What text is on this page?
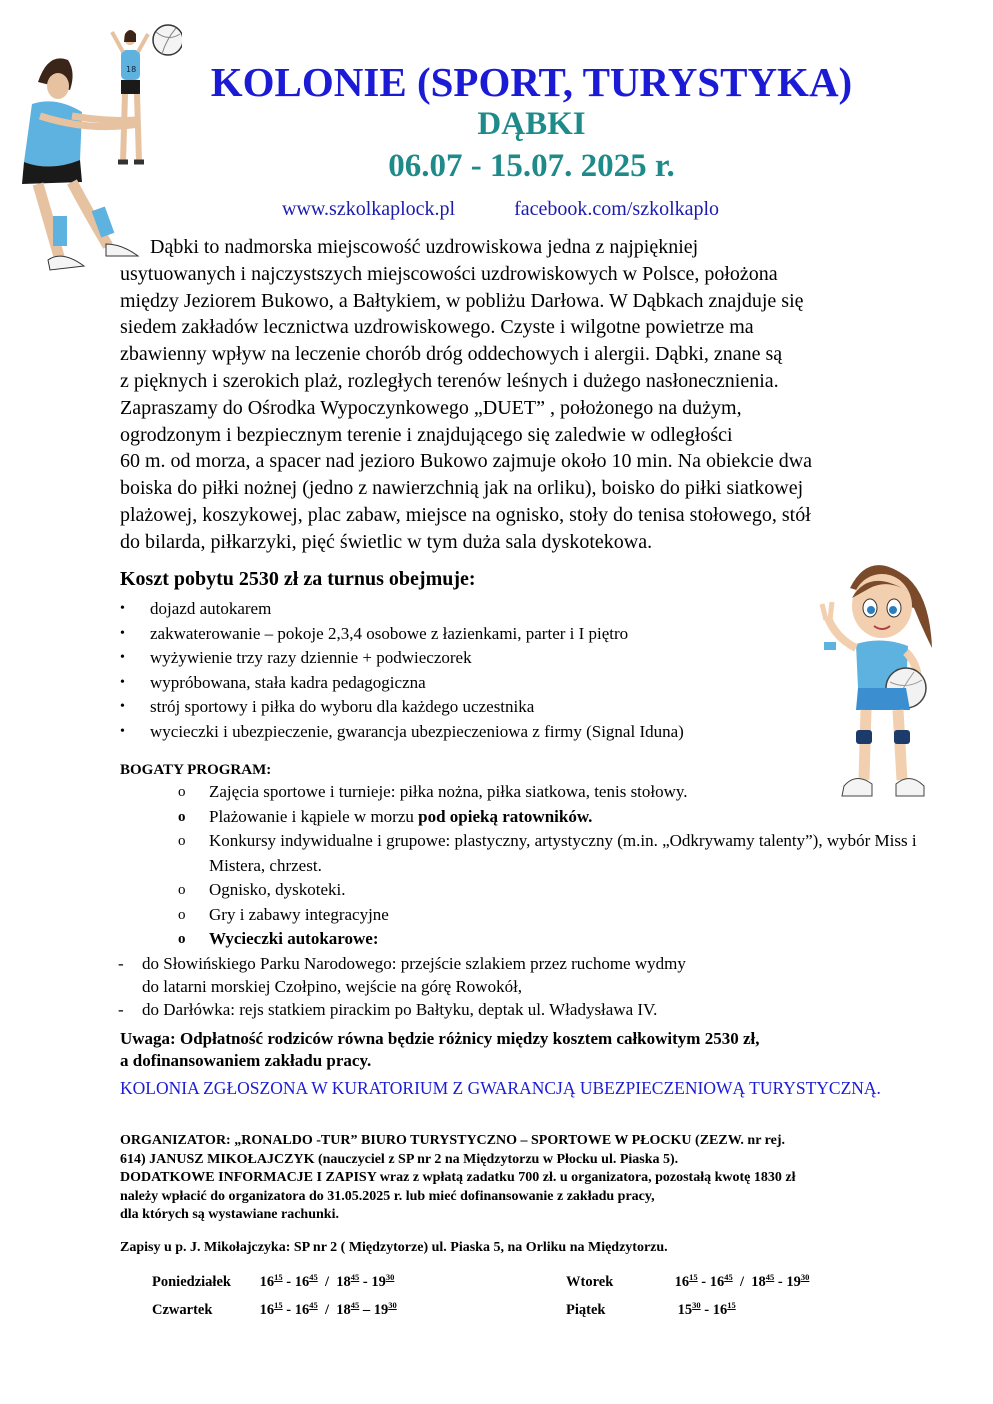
18	KOLONIE (SPORT, TURYSTYKA)
DĄBKI
06.07 - 15.07. 2025 r.
www.szkolkaplock.pl	facebook.com/szkolkaplo

Dąbki to nadmorska miejscowość uzdrowiskowa jedna z najpiękniej

usytuowanych i najczystszych miejscowości uzdrowiskowych w Polsce, położona

między Jeziorem Bukowo, a Bałtykiem, w pobliżu Darłowa. W Dąbkach znajduje się

siedem zakładów lecznictwa uzdrowiskowego. Czyste i wilgotne powietrze ma

zbawienny wpływ na leczenie chorób dróg oddechowych i alergii. Dąbki, znane są

z pięknych i szerokich plaż, rozległych terenów leśnych i dużego nasłonecznienia.

Zapraszamy do Ośrodka Wypoczynkowego „DUET” , położonego na dużym,

ogrodzonym i bezpiecznym terenie i znajdującego się zaledwie w odległości

60 m. od morza, a spacer nad jezioro Bukowo zajmuje około 10 min. Na obiekcie dwa

boiska do piłki nożnej (jedno z nawierzchnią jak na orliku), boisko do piłki siatkowej

plażowej, koszykowej, plac zabaw, miejsce na ognisko, stoły do tenisa stołowego, stół

do bilarda, piłkarzyki, pięć świetlic w tym duża sala dyskotekowa.

Koszt pobytu 2530 zł za turnus obejmuje:
•	dojazd autokarem
•	zakwaterowanie – pokoje 2,3,4 osobowe z łazienkami, parter i I piętro
•	wyżywienie trzy razy dziennie + podwieczorek
•	wypróbowana, stała kadra pedagogiczna
•	strój sportowy i piłka do wyboru dla każdego uczestnika
•	wycieczki i ubezpieczenie, gwarancja ubezpieczeniowa z firmy (Signal Iduna)
BOGATY PROGRAM:
o	Zajęcia sportowe i turnieje: piłka nożna, piłka siatkowa, tenis stołowy.
o	Plażowanie i kąpiele w morzu pod opieką ratowników.
o	Konkursy indywidualne i grupowe: plastyczny, artystyczny (m.in. „Odkrywamy talenty”), wybór Miss i Mistera, chrzest.
o	Ognisko, dyskoteki.
o	Gry i zabawy integracyjne
o	Wycieczki autokarowe:
-	do Słowińskiego Parku Narodowego: przejście szlakiem przez ruchome wydmy
do latarni morskiej Czołpino, wejście na górę Rowokół,
-	do Darłówka: rejs statkiem pirackim po Bałtyku, deptak ul. Władysława IV.
Uwaga: Odpłatność rodziców równa będzie różnicy między kosztem całkowitym 2530 zł,
a dofinansowaniem zakładu pracy.
KOLONIA ZGŁOSZONA W KURATORIUM Z GWARANCJĄ UBEZPIECZENIOWĄ TURYSTYCZNĄ.

ORGANIZATOR: „RONALDO -TUR” BIURO TURYSTYCZNO – SPORTOWE W PŁOCKU (ZEZW. nr rej.

614) JANUSZ MIKOŁAJCZYK (nauczyciel z SP nr 2 na Międzytorzu w Płocku ul. Piaska 5).

DODATKOWE INFORMACJE I ZAPISY wraz z wpłatą zadatku 700 zł. u organizatora, pozostałą kwotę 1830 zł

należy wpłacić do organizatora do 31.05.2025 r. lub mieć dofinansowanie z zakładu pracy,

dla których są wystawiane rachunki.

Zapisy u p. J. Mikołajczyka: SP nr 2 ( Międzytorze) ul. Piaska 5, na Orliku na Międzytorzu.
Poniedziałek $16^{15} - 16^{45} / 18^{45} - 19^{30}$	Wtorek	$16^{15} - 16^{45} / 18^{45} - 19^{30}$
Czwartek	$16^{15} - 16^{45} / 18^{45} - 19^{30}$	Piątek	$15^{30} - 16^{15}$
